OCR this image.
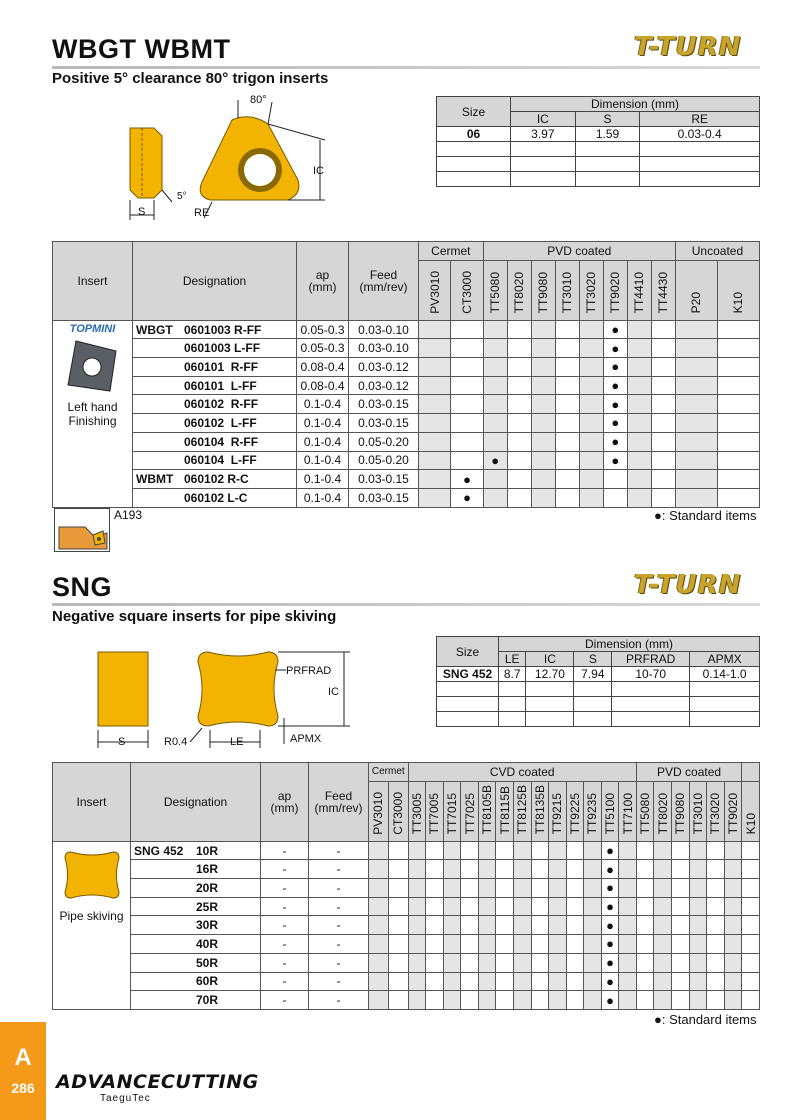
WBGT WBMT	T-TURN
Positive 5° clearance 80° trigon inserts
80°
IC
S	RE
5°
Size	Dimension (mm)		
	IC	S	RE
06	3.97	1.59	0.03-0.4

Insert	Designation	ap
(mm)	Feed
(mm/rev)	Cermet		PVD coated								Uncoated	
				PV3010	CT3000	TT5080	TT8020	TT9080	TT3010	TT3020	TT9020	TT4410	TT4430	P20	K10

TOPMINI
Left hand
Finishing	WBGT 0601003 R-FF	0.05-0.3	0.03-0.10								●				
	0601003 L-FF	0.05-0.3	0.03-0.10								●				
	060101  R-FF	0.08-0.4	0.03-0.12								●				
	060101  L-FF	0.08-0.4	0.03-0.12								●				
	060102  R-FF	0.1-0.4	0.03-0.15								●				
	060102  L-FF	0.1-0.4	0.03-0.15								●				
	060104  R-FF	0.1-0.4	0.05-0.20								●				
	060104  L-FF	0.1-0.4	0.05-0.20			●					●				
	WBMT 060102 R-C	0.1-0.4	0.03-0.15		●										
	060102 L-C	0.1-0.4	0.03-0.15		●										
A193	●: Standard items
SNG	T-TURN
Negative square inserts for pipe skiving
PRFRAD
IC
S	R0.4	LE	APMX
Size	Dimension (mm)				
	LE	IC	S	PRFRAD	APMX
SNG 452	8.7	12.70	7.94	10-70	0.14-1.0

Insert	Designation	ap
(mm)	Feed
(mm/rev)	Cermet		CVD coated													PVD coated						
				PV3010	CT3000	TT3005	TT7005	TT7015	TT7025	TT8105B	TT8115B	TT8125B	TT8135B	TT9215	TT9225	TT9235	TT5100	TT7100	TT5080	TT8020	TT9080	TT3010	TT3020	TT9020	K10

Pipe skiving	SNG 452 10R	-	-														●								
	16R	-	-														●								
	20R	-	-														●								
	25R	-	-														●								
	30R	-	-														●								
	40R	-	-														●								
	50R	-	-														●								
	60R	-	-														●								
	70R	-	-														●								
●: Standard items
A
286	ADVANCECUTTING
TaeguTec
